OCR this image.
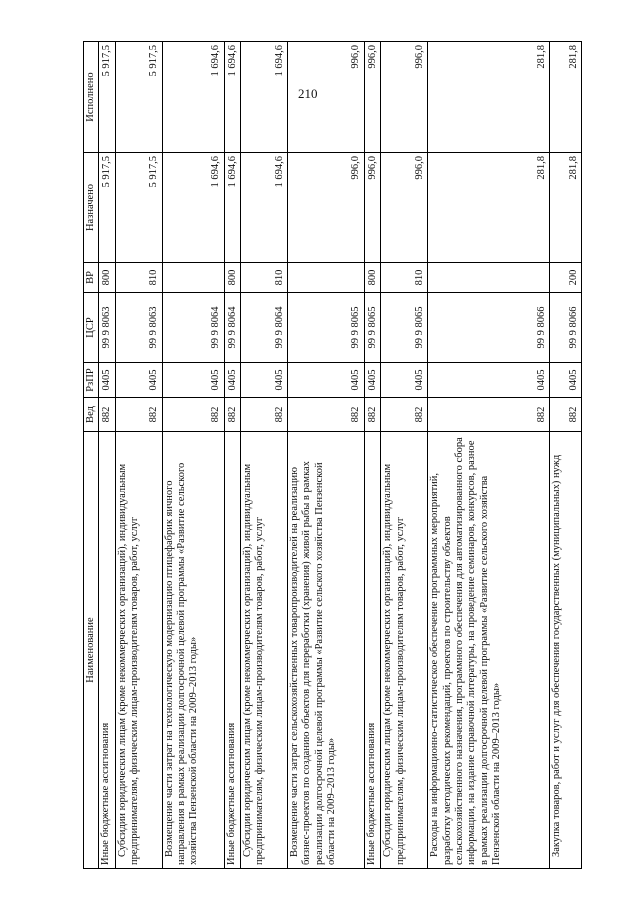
210
Наименование	Вед	РзПР	ЦСР	ВР	Назначено	Исполнено
Иные бюджетные ассигнования	882	0405	99 9 8063	800	5 917,5	5 917,5
Субсидии юридическим лицам (кроме некоммерческих организаций), индивидуальным предпринимателям, физическим лицам-производителям товаров, работ, услуг	882	0405	99 9 8063	810	5 917,5	5 917,5
Возмещение части затрат на технологическую модернизацию птицефабрик яичного направления в рамках реализации долгосрочной целевой программы «Развитие сельского хозяйства Пензенской области на 2009–2013 годы»	882	0405	99 9 8064		1 694,6	1 694,6
Иные бюджетные ассигнования	882	0405	99 9 8064	800	1 694,6	1 694,6
Субсидии юридическим лицам (кроме некоммерческих организаций), индивидуальным предпринимателям, физическим лицам-производителям товаров, работ, услуг	882	0405	99 9 8064	810	1 694,6	1 694,6
Возмещение части затрат сельскохозяйственных товаропроизводителей на реализацию бизнес-проектов по созданию объектов для переработки (хранения) живой рыбы в рамках реализации долгосрочной целевой программы «Развитие сельского хозяйства Пензенской области на 2009–2013 годы»	882	0405	99 9 8065		996,0	996,0
Иные бюджетные ассигнования	882	0405	99 9 8065	800	996,0	996,0
Субсидии юридическим лицам (кроме некоммерческих организаций), индивидуальным предпринимателям, физическим лицам-производителям товаров, работ, услуг	882	0405	99 9 8065	810	996,0	996,0
Расходы на информационно-статистическое обеспечение программных мероприятий, разработку методических рекомендаций, проектов по строительству объектов сельскохозяйственного назначения, программного обеспечения для автоматизированного сбора информации, на издание справочной литературы, на проведение семинаров, конкурсов, разное в рамках реализации долгосрочной целевой программы «Развитие сельского хозяйства Пензенской области на 2009–2013 годы»	882	0405	99 9 8066		281,8	281,8
Закупка товаров, работ и услуг для обеспечения государственных (муниципальных) нужд	882	0405	99 9 8066	200	281,8	281,8
